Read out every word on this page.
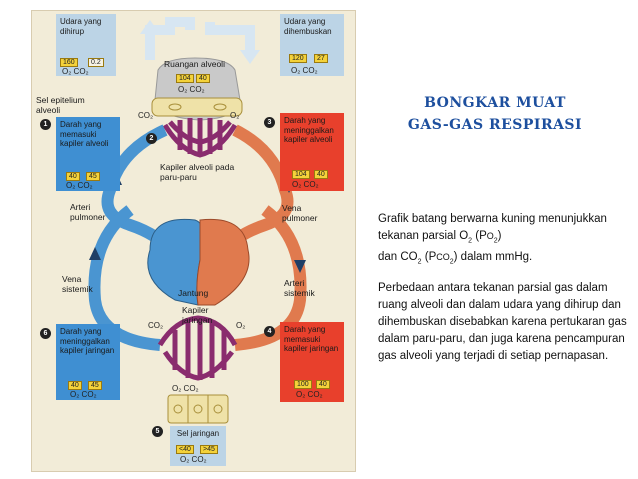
Udara yang dihirup
160	0.2
O₂ CO₂
Udara yang dihembuskan
120	27
O₂ CO₂
Ruangan alveoli
104	40
O₂ CO₂
Sel epitelium alveoli
CO₂	O₂
1	Darah yang memasuki kapiler alveoli
40	45
O₂ CO₂
3	Darah yang meninggalkan kapiler alveoli
104	40
O₂ CO₂
2
Kapiler alveoli pada paru-paru
Arteri pulmoner
Vena pulmoner
Vena sistemik
Arteri sistemik
Jantung
Kapiler jaringan
CO₂	O₂
6	Darah yang meninggalkan kapiler jaringan
40	45
O₂ CO₂
4	Darah yang memasuki kapiler jaringan
100	40
O₂ CO₂
O₂ CO₂
5	Sel jaringan
<40	>45
O₂ CO₂
BONGKAR MUAT
GAS-GAS RESPIRASI
Grafik batang berwarna kuning menunjukkan tekanan parsial $O_2$ $(PO_2)$
dan $CO_2$ $(PCO_2)$ dalam mmHg.
Perbedaan antara tekanan parsial gas dalam ruang alveoli dan dalam udara yang dihirup dan dihembuskan disebabkan karena pertukaran gas dalam paru-paru, dan juga karena pencampuran gas alveoli yang terjadi di setiap pernapasan.
